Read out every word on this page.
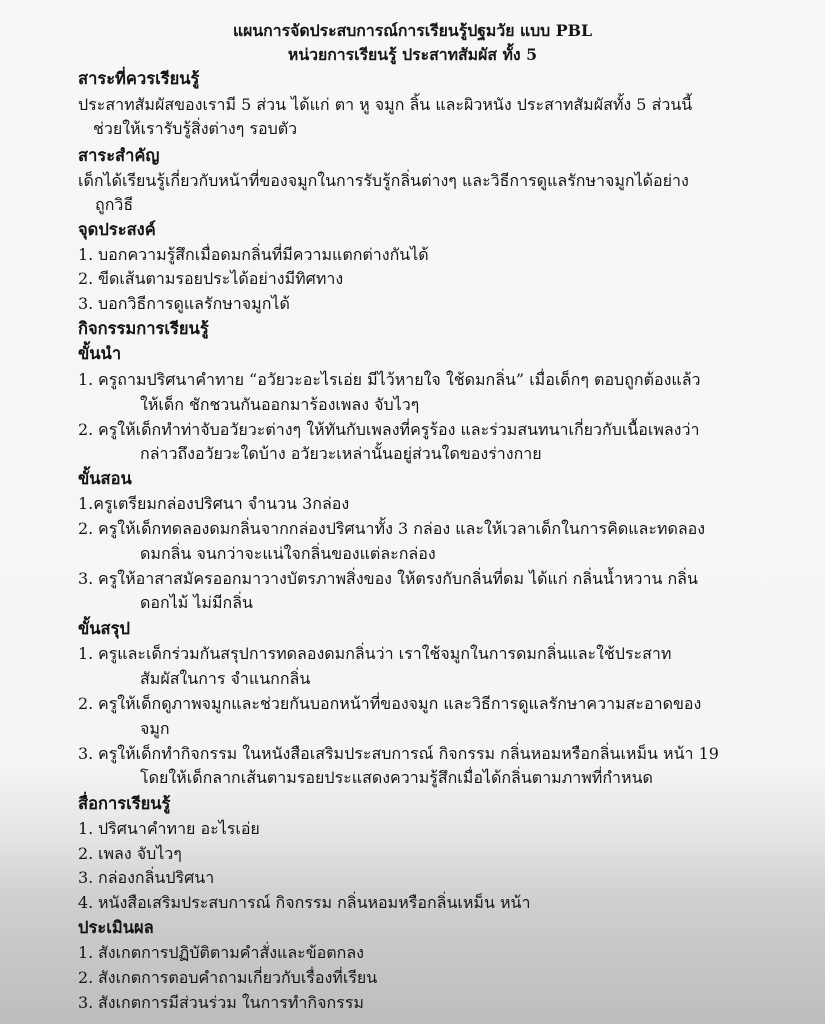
แผนการจัดประสบการณ์การเรียนรู้ปฐมวัย แบบ PBL
หน่วยการเรียนรู้ ประสาทสัมผัส ทั้ง 5
สาระที่ควรเรียนรู้
ประสาทสัมผัสของเรามี 5 ส่วน ได้แก่ ตา หู จมูก ลิ้น และผิวหนัง ประสาทสัมผัสทั้ง 5 ส่วนนี้
ช่วยให้เรารับรู้สิ่งต่างๆ รอบตัว
สาระสำคัญ
เด็กได้เรียนรู้เกี่ยวกับหน้าที่ของจมูกในการรับรู้กลิ่นต่างๆ และวิธีการดูแลรักษาจมูกได้อย่าง
ถูกวิธี
จุดประสงค์
1. บอกความรู้สึกเมื่อดมกลิ่นที่มีความแตกต่างกันได้
2. ขีดเส้นตามรอยประได้อย่างมีทิศทาง
3. บอกวิธีการดูแลรักษาจมูกได้
กิจกรรมการเรียนรู้
ขั้นนำ
1. ครูถามปริศนาคำทาย “อวัยวะอะไรเอ่ย มีไว้หายใจ ใช้ดมกลิ่น” เมื่อเด็กๆ ตอบถูกต้องแล้ว
ให้เด็ก ชักชวนกันออกมาร้องเพลง จับไวๆ
2. ครูให้เด็กทำท่าจับอวัยวะต่างๆ ให้ทันกับเพลงที่ครูร้อง และร่วมสนทนาเกี่ยวกับเนื้อเพลงว่า
กล่าวถึงอวัยวะใดบ้าง อวัยวะเหล่านั้นอยู่ส่วนใดของร่างกาย
ขั้นสอน
1.ครูเตรียมกล่องปริศนา จำนวน 3กล่อง
2. ครูให้เด็กทดลองดมกลิ่นจากกล่องปริศนาทั้ง 3 กล่อง และให้เวลาเด็กในการคิดและทดลอง
ดมกลิ่น จนกว่าจะแน่ใจกลิ่นของแต่ละกล่อง
3. ครูให้อาสาสมัครออกมาวางบัตรภาพสิ่งของ ให้ตรงกับกลิ่นที่ดม ได้แก่ กลิ่นน้ำหวาน กลิ่น
ดอกไม้ ไม่มีกลิ่น
ขั้นสรุป
1. ครูและเด็กร่วมกันสรุปการทดลองดมกลิ่นว่า เราใช้จมูกในการดมกลิ่นและใช้ประสาท
สัมผัสในการ จำแนกกลิ่น
2. ครูให้เด็กดูภาพจมูกและช่วยกันบอกหน้าที่ของจมูก และวิธีการดูแลรักษาความสะอาดของ
จมูก
3. ครูให้เด็กทำกิจกรรม ในหนังสือเสริมประสบการณ์ กิจกรรม กลิ่นหอมหรือกลิ่นเหม็น หน้า 19
โดยให้เด็กลากเส้นตามรอยประแสดงความรู้สึกเมื่อได้กลิ่นตามภาพที่กำหนด
สื่อการเรียนรู้
1. ปริศนาคำทาย อะไรเอ่ย
2. เพลง จับไวๆ
3. กล่องกลิ่นปริศนา
4. หนังสือเสริมประสบการณ์ กิจกรรม กลิ่นหอมหรือกลิ่นเหม็น หน้า
ประเมินผล
1. สังเกตการปฏิบัติตามคำสั่งและข้อตกลง
2. สังเกตการตอบคำถามเกี่ยวกับเรื่องที่เรียน
3. สังเกตการมีส่วนร่วม ในการทำกิจกรรม
